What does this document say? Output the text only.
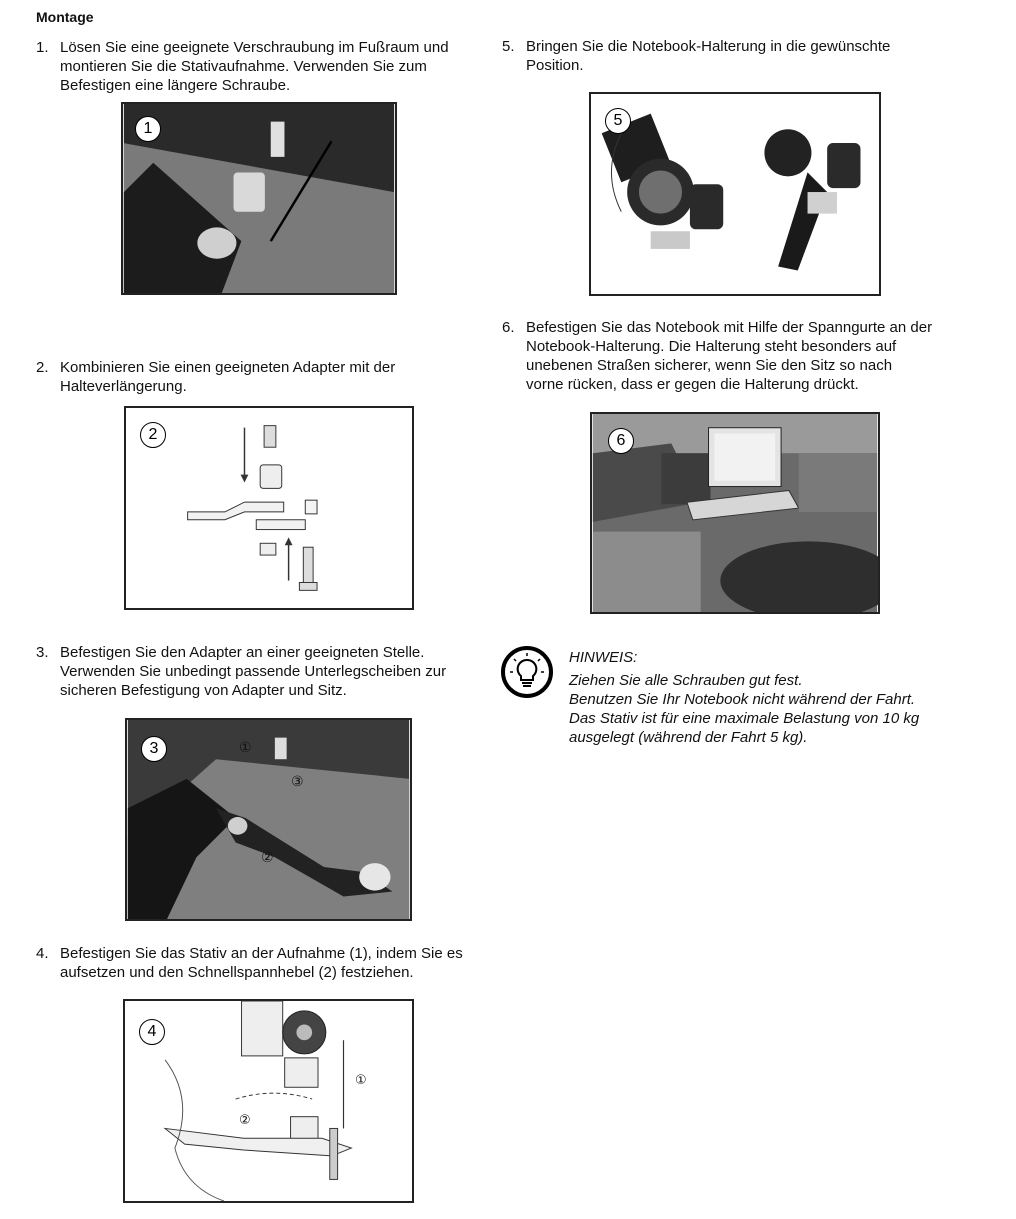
Montage
1. Lösen Sie eine geeignete Verschraubung im Fußraum und
montieren Sie die Stativaufnahme. Verwenden Sie zum
Befestigen eine längere Schraube.
1
2. Kombinieren Sie einen geeigneten Adapter mit der
Halteverlängerung.
2
3. Befestigen Sie den Adapter an einer geeigneten Stelle.
Verwenden Sie unbedingt passende Unterlegscheiben zur
sicheren Befestigung von Adapter und Sitz.
3	①
③
②
4. Befestigen Sie das Stativ an der Aufnahme (1), indem Sie es
aufsetzen und den Schnellspannhebel (2) festziehen.
4
①
②
5. Bringen Sie die Notebook-Halterung in die gewünschte
Position.
5
6. Befestigen Sie das Notebook mit Hilfe der Spanngurte an der
Notebook-Halterung. Die Halterung steht besonders auf
unebenen Straßen sicherer, wenn Sie den Sitz so nach
vorne rücken, dass er gegen die Halterung drückt.
6
HINWEIS:
Ziehen Sie alle Schrauben gut fest.
Benutzen Sie Ihr Notebook nicht während der Fahrt.
Das Stativ ist für eine maximale Belastung von 10 kg
ausgelegt (während der Fahrt 5 kg).
